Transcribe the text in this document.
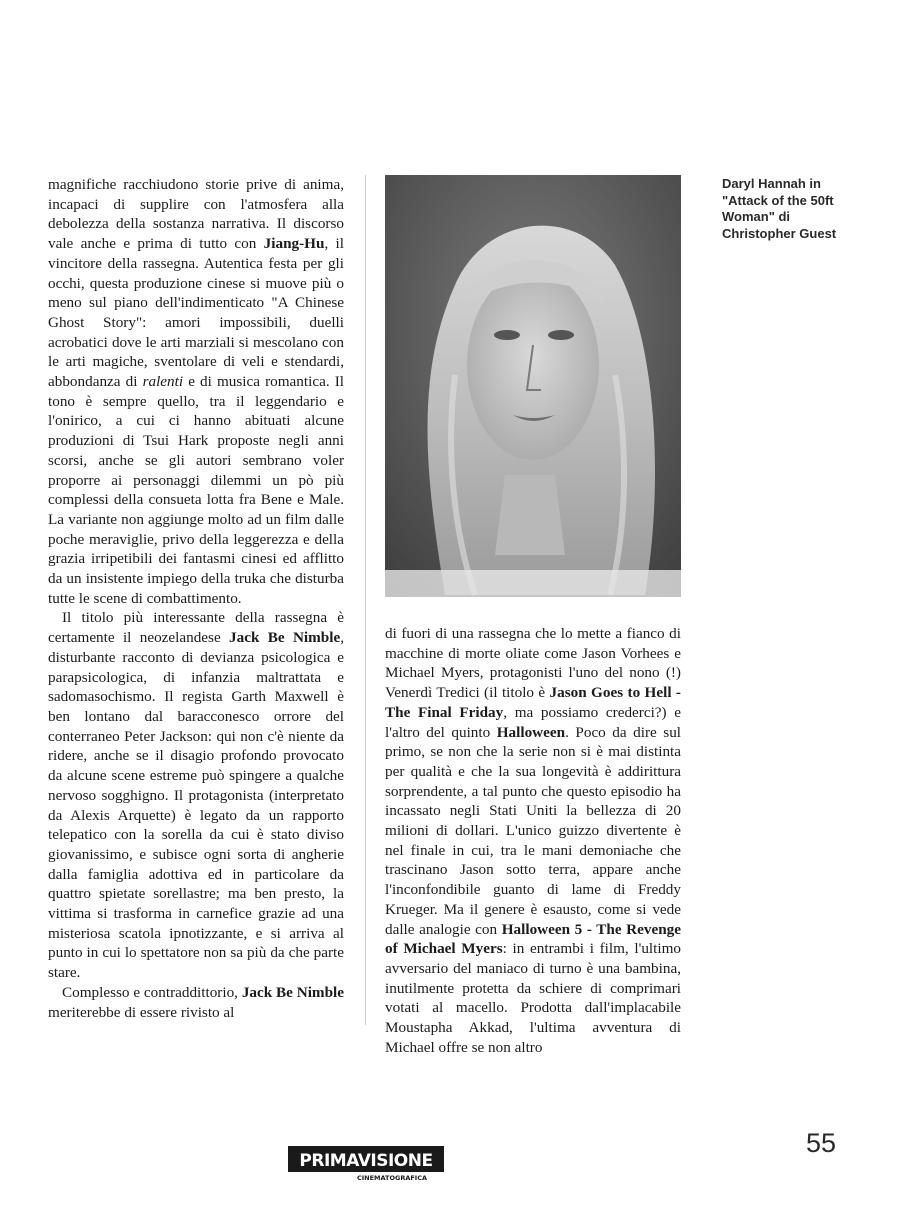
magnifiche racchiudono storie prive di anima, incapaci di supplire con l'atmosfera alla debolezza della sostanza narrativa. Il discorso vale anche e prima di tutto con Jiang-Hu, il vincitore della rassegna. Autentica festa per gli occhi, questa produzione cinese si muove più o meno sul piano dell'indimenticato "A Chinese Ghost Story": amori impossibili, duelli acrobatici dove le arti marziali si mescolano con le arti magiche, sventolare di veli e stendardi, abbondanza di ralenti e di musica romantica. Il tono è sempre quello, tra il leggendario e l'onirico, a cui ci hanno abituati alcune produzioni di Tsui Hark proposte negli anni scorsi, anche se gli autori sembrano voler proporre ai personaggi dilemmi un pò più complessi della consueta lotta fra Bene e Male. La variante non aggiunge molto ad un film dalle poche meraviglie, privo della leggerezza e della grazia irripetibili dei fantasmi cinesi ed afflitto da un insistente impiego della truka che disturba tutte le scene di combattimento.

Il titolo più interessante della rassegna è certamente il neozelandese Jack Be Nimble, disturbante racconto di devianza psicologica e parapsicologica, di infanzia maltrattata e sadomasochismo. Il regista Garth Maxwell è ben lontano dal baracconesco orrore del conterraneo Peter Jackson: qui non c'è niente da ridere, anche se il disagio profondo provocato da alcune scene estreme può spingere a qualche nervoso sogghigno. Il protagonista (interpretato da Alexis Arquette) è legato da un rapporto telepatico con la sorella da cui è stato diviso giovanissimo, e subisce ogni sorta di angherie dalla famiglia adottiva ed in particolare da quattro spietate sorellastre; ma ben presto, la vittima si trasforma in carnefice grazie ad una misteriosa scatola ipnotizzante, e si arriva al punto in cui lo spettatore non sa più da che parte stare.

Complesso e contraddittorio, Jack Be Nimble meriterebbe di essere rivisto al

di fuori di una rassegna che lo mette a fianco di macchine di morte oliate come Jason Vorhees e Michael Myers, protagonisti l'uno del nono (!) Venerdì Tredici (il titolo è Jason Goes to Hell - The Final Friday, ma possiamo crederci?) e l'altro del quinto Halloween. Poco da dire sul primo, se non che la serie non si è mai distinta per qualità e che la sua longevità è addirittura sorprendente, a tal punto che questo episodio ha incassato negli Stati Uniti la bellezza di 20 milioni di dollari. L'unico guizzo divertente è nel finale in cui, tra le mani demoniache che trascinano Jason sotto terra, appare anche l'inconfondibile guanto di lame di Freddy Krueger. Ma il genere è esausto, come si vede dalle analogie con Halloween 5 - The Revenge of Michael Myers: in entrambi i film, l'ultimo avversario del maniaco di turno è una bambina, inutilmente protetta da schiere di comprimari votati al macello. Prodotta dall'implacabile Moustapha Akkad, l'ultima avventura di Michael offre se non altro

Daryl Hannah in "Attack of the 50ft Woman" di Christopher Guest
55
PRIMAVISIONE
CINEMATOGRAFICA
